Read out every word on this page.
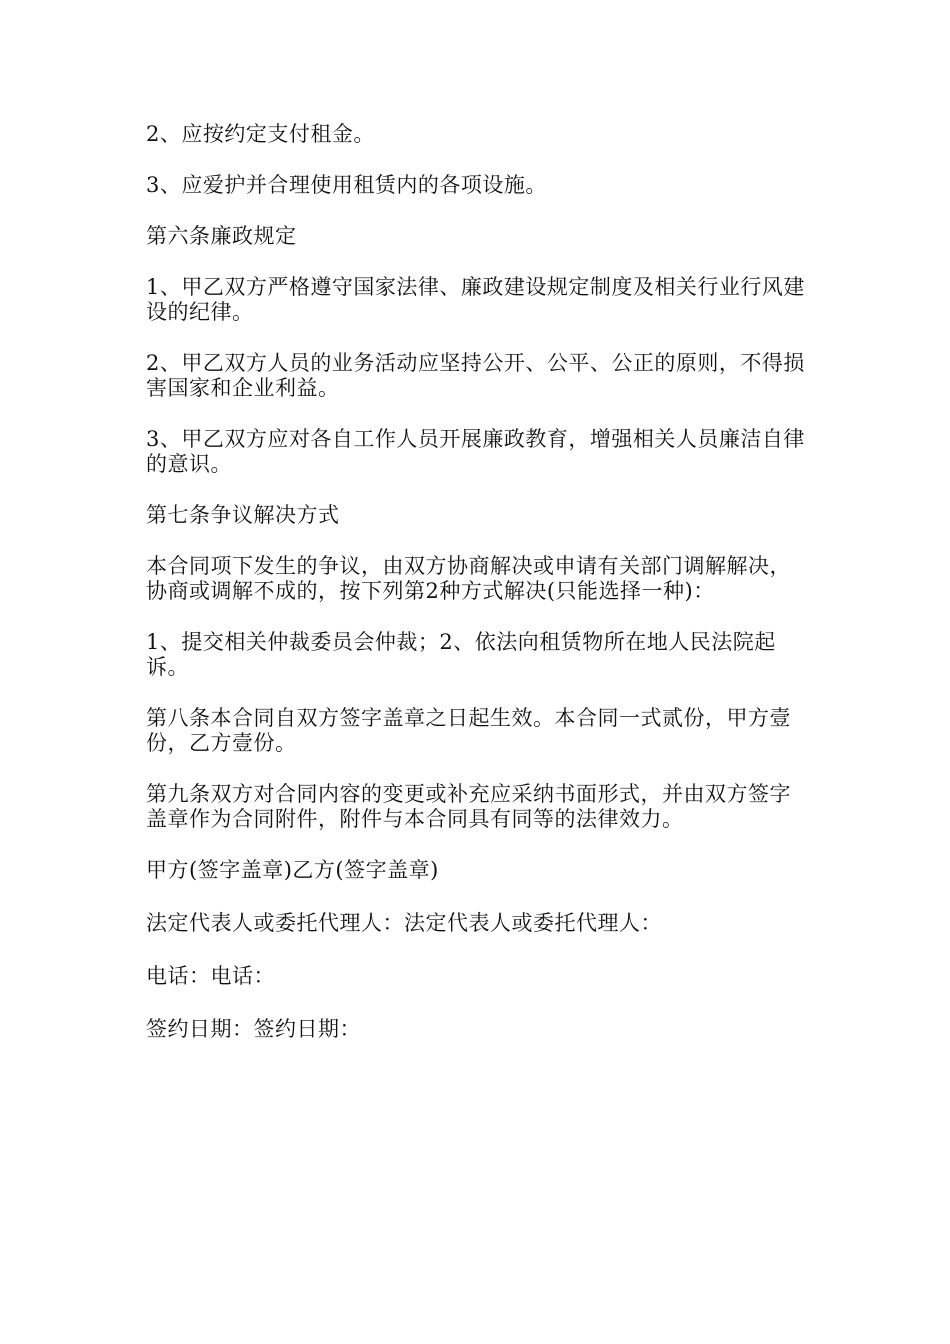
2、应按约定支付租金。

3、应爱护并合理使用租赁内的各项设施。

第六条廉政规定

1、甲乙双方严格遵守国家法律、廉政建设规定制度及相关行业行风建设的纪律。

2、甲乙双方人员的业务活动应坚持公开、公平、公正的原则，不得损害国家和企业利益。

3、甲乙双方应对各自工作人员开展廉政教育，增强相关人员廉洁自律的意识。

第七条争议解决方式

本合同项下发生的争议，由双方协商解决或申请有关部门调解解决，协商或调解不成的，按下列第2种方式解决(只能选择一种)：

1、提交相关仲裁委员会仲裁；2、依法向租赁物所在地人民法院起诉。

第八条本合同自双方签字盖章之日起生效。本合同一式贰份，甲方壹份，乙方壹份。

第九条双方对合同内容的变更或补充应采纳书面形式，并由双方签字盖章作为合同附件，附件与本合同具有同等的法律效力。

甲方(签字盖章)乙方(签字盖章)

法定代表人或委托代理人：法定代表人或委托代理人：

电话：电话：

签约日期：签约日期：
